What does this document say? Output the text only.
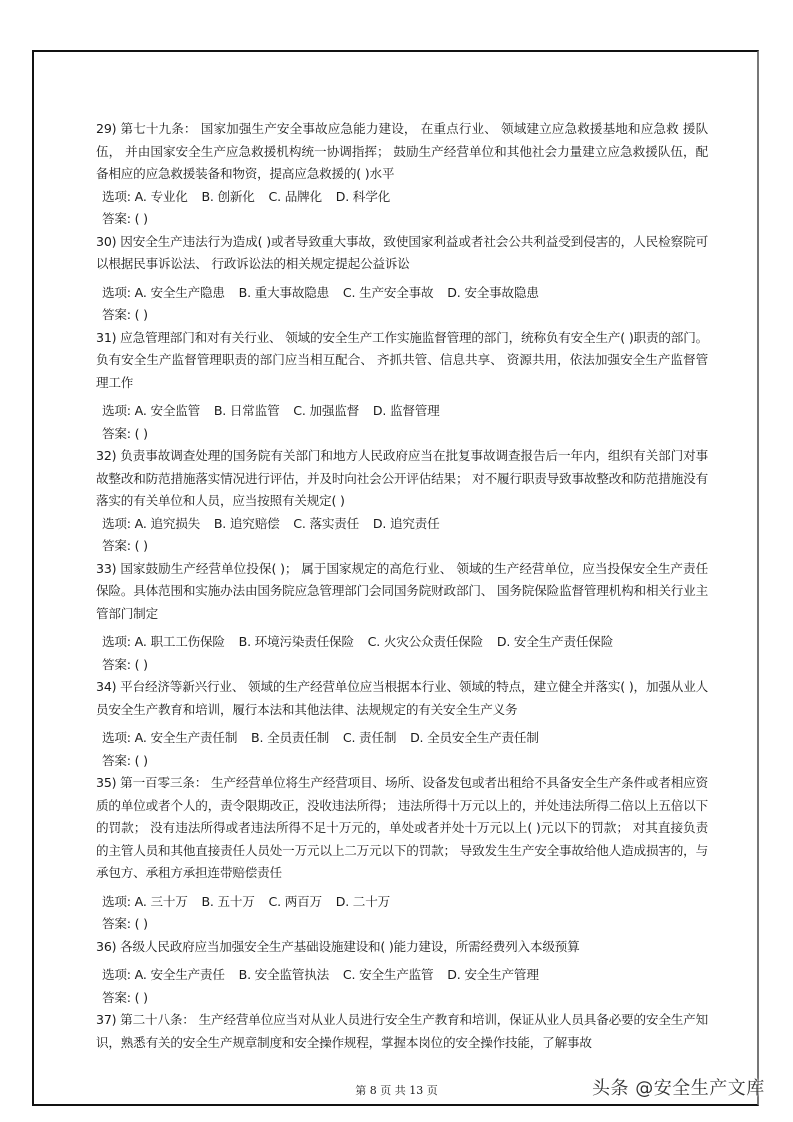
29) 第七十九条： 国家加强生产安全事故应急能力建设， 在重点行业、 领域建立应急救援基地和应急救 援队伍， 并由国家安全生产应急救援机构统一协调指挥； 鼓励生产经营单位和其他社会力量建立应急救援队伍，配备相应的应急救援装备和物资，提高应急救援的( )水平
选项: A. 专业化 B. 创新化 C. 品牌化 D. 科学化
答案: ( )
30) 因安全生产违法行为造成( )或者导致重大事故，致使国家利益或者社会公共利益受到侵害的，人民检察院可以根据民事诉讼法、 行政诉讼法的相关规定提起公益诉讼
选项: A. 安全生产隐患 B. 重大事故隐患 C. 生产安全事故 D. 安全事故隐患
答案: ( )
31) 应急管理部门和对有关行业、 领域的安全生产工作实施监督管理的部门，统称负有安全生产( )职责的部门。负有安全生产监督管理职责的部门应当相互配合、 齐抓共管、信息共享、 资源共用，依法加强安全生产监督管理工作
选项: A. 安全监管 B. 日常监管 C. 加强监督 D. 监督管理
答案: ( )
32) 负责事故调查处理的国务院有关部门和地方人民政府应当在批复事故调查报告后一年内，组织有关部门对事故整改和防范措施落实情况进行评估，并及时向社会公开评估结果； 对不履行职责导致事故整改和防范措施没有落实的有关单位和人员，应当按照有关规定( )
选项: A. 追究损失 B. 追究赔偿 C. 落实责任 D. 追究责任
答案: ( )
33) 国家鼓励生产经营单位投保( )； 属于国家规定的高危行业、 领域的生产经营单位，应当投保安全生产责任保险。具体范围和实施办法由国务院应急管理部门会同国务院财政部门、 国务院保险监督管理机构和相关行业主管部门制定
选项: A. 职工工伤保险 B. 环境污染责任保险 C. 火灾公众责任保险 D. 安全生产责任保险
答案: ( )
34) 平台经济等新兴行业、 领域的生产经营单位应当根据本行业、领域的特点，建立健全并落实( )，加强从业人员安全生产教育和培训，履行本法和其他法律、法规规定的有关安全生产义务
选项: A. 安全生产责任制 B. 全员责任制 C. 责任制 D. 全员安全生产责任制
答案: ( )
35) 第一百零三条： 生产经营单位将生产经营项目、场所、设备发包或者出租给不具备安全生产条件或者相应资质的单位或者个人的，责令限期改正，没收违法所得； 违法所得十万元以上的，并处违法所得二倍以上五倍以下的罚款； 没有违法所得或者违法所得不足十万元的，单处或者并处十万元以上( )元以下的罚款； 对其直接负责的主管人员和其他直接责任人员处一万元以上二万元以下的罚款； 导致发生生产安全事故给他人造成损害的，与承包方、承租方承担连带赔偿责任
选项: A. 三十万 B. 五十万 C. 两百万 D. 二十万
答案: ( )
36) 各级人民政府应当加强安全生产基础设施建设和( )能力建设，所需经费列入本级预算
选项: A. 安全生产责任 B. 安全监管执法 C. 安全生产监管 D. 安全生产管理
答案: ( )
37) 第二十八条： 生产经营单位应当对从业人员进行安全生产教育和培训，保证从业人员具备必要的安全生产知识，熟悉有关的安全生产规章制度和安全操作规程，掌握本岗位的安全操作技能，了解事故
第 8 页 共 13 页	头条 @安全生产文库
